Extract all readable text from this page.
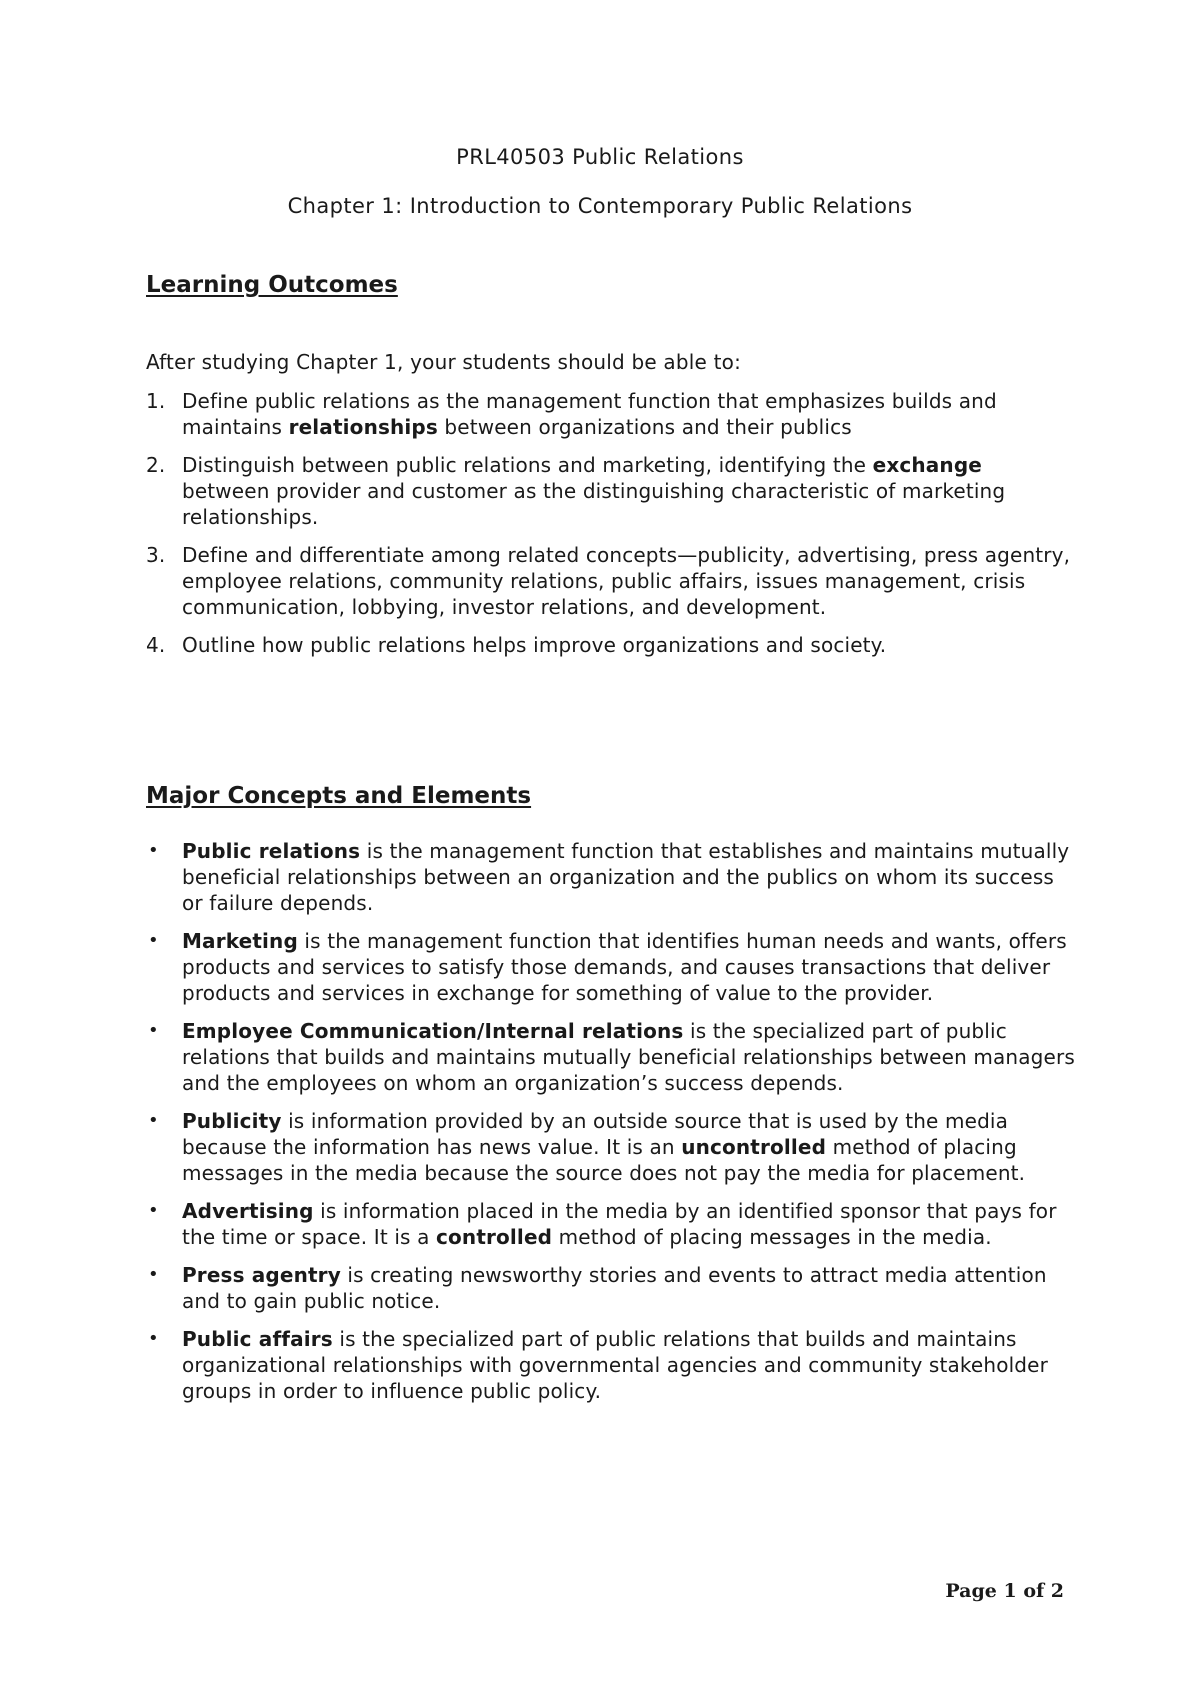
PRL40503 Public Relations
Chapter 1: Introduction to Contemporary Public Relations
Learning Outcomes

After studying Chapter 1, your students should be able to:

1. Define public relations as the management function that emphasizes builds and maintains relationships between organizations and their publics
2. Distinguish between public relations and marketing, identifying the exchange between provider and customer as the distinguishing characteristic of marketing relationships.
3. Define and differentiate among related concepts—publicity, advertising, press agentry, employee relations, community relations, public affairs, issues management, crisis communication, lobbying, investor relations, and development.
4. Outline how public relations helps improve organizations and society.
Major Concepts and Elements
•	Public relations is the management function that establishes and maintains mutually beneficial relationships between an organization and the publics on whom its success or failure depends.
•	Marketing is the management function that identifies human needs and wants, offers products and services to satisfy those demands, and causes transactions that deliver products and services in exchange for something of value to the provider.
•	Employee Communication/Internal relations is the specialized part of public relations that builds and maintains mutually beneficial relationships between managers and the employees on whom an organization’s success depends.
•	Publicity is information provided by an outside source that is used by the media because the information has news value. It is an uncontrolled method of placing messages in the media because the source does not pay the media for placement.
•	Advertising is information placed in the media by an identified sponsor that pays for the time or space. It is a controlled method of placing messages in the media.
•	Press agentry is creating newsworthy stories and events to attract media attention and to gain public notice.
•	Public affairs is the specialized part of public relations that builds and maintains organizational relationships with governmental agencies and community stakeholder groups in order to influence public policy.
Page 1 of 2
